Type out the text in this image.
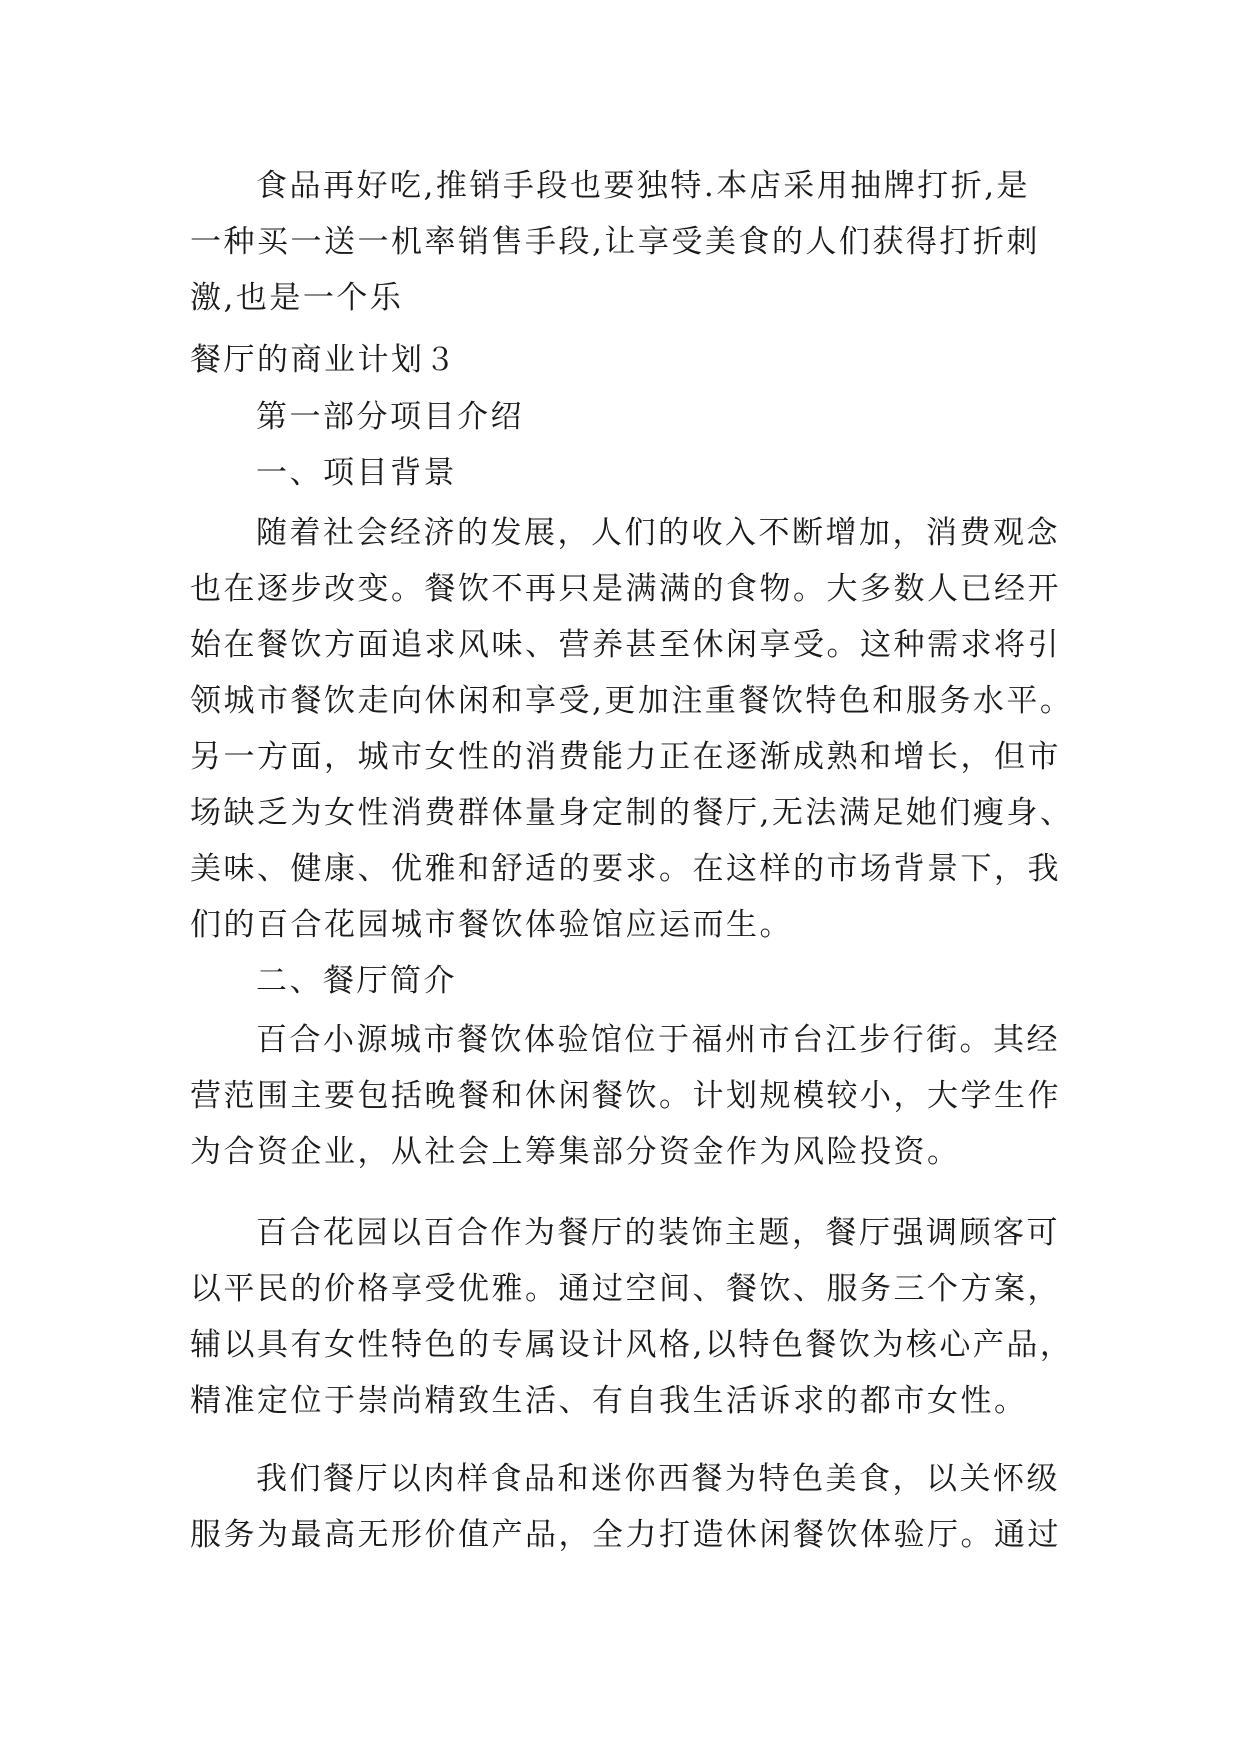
食品再好吃,推销手段也要独特.本店采用抽牌打折,是
一种买一送一机率销售手段,让享受美食的人们获得打折刺
激,也是一个乐
餐厅的商业计划３
第一部分项目介绍
一、项目背景
随着社会经济的发展，人们的收入不断增加，消费观念
也在逐步改变。餐饮不再只是满满的食物。大多数人已经开
始在餐饮方面追求风味、营养甚至休闲享受。这种需求将引
领城市餐饮走向休闲和享受,更加注重餐饮特色和服务水平。
另一方面，城市女性的消费能力正在逐渐成熟和增长，但市
场缺乏为女性消费群体量身定制的餐厅,无法满足她们瘦身、
美味、健康、优雅和舒适的要求。在这样的市场背景下，我
们的百合花园城市餐饮体验馆应运而生。
二、餐厅简介
百合小源城市餐饮体验馆位于福州市台江步行街。其经
营范围主要包括晚餐和休闲餐饮。计划规模较小，大学生作
为合资企业，从社会上筹集部分资金作为风险投资。
百合花园以百合作为餐厅的装饰主题，餐厅强调顾客可
以平民的价格享受优雅。通过空间、餐饮、服务三个方案，
辅以具有女性特色的专属设计风格,以特色餐饮为核心产品，
精准定位于崇尚精致生活、有自我生活诉求的都市女性。
我们餐厅以肉样食品和迷你西餐为特色美食，以关怀级
服务为最高无形价值产品，全力打造休闲餐饮体验厅。通过
